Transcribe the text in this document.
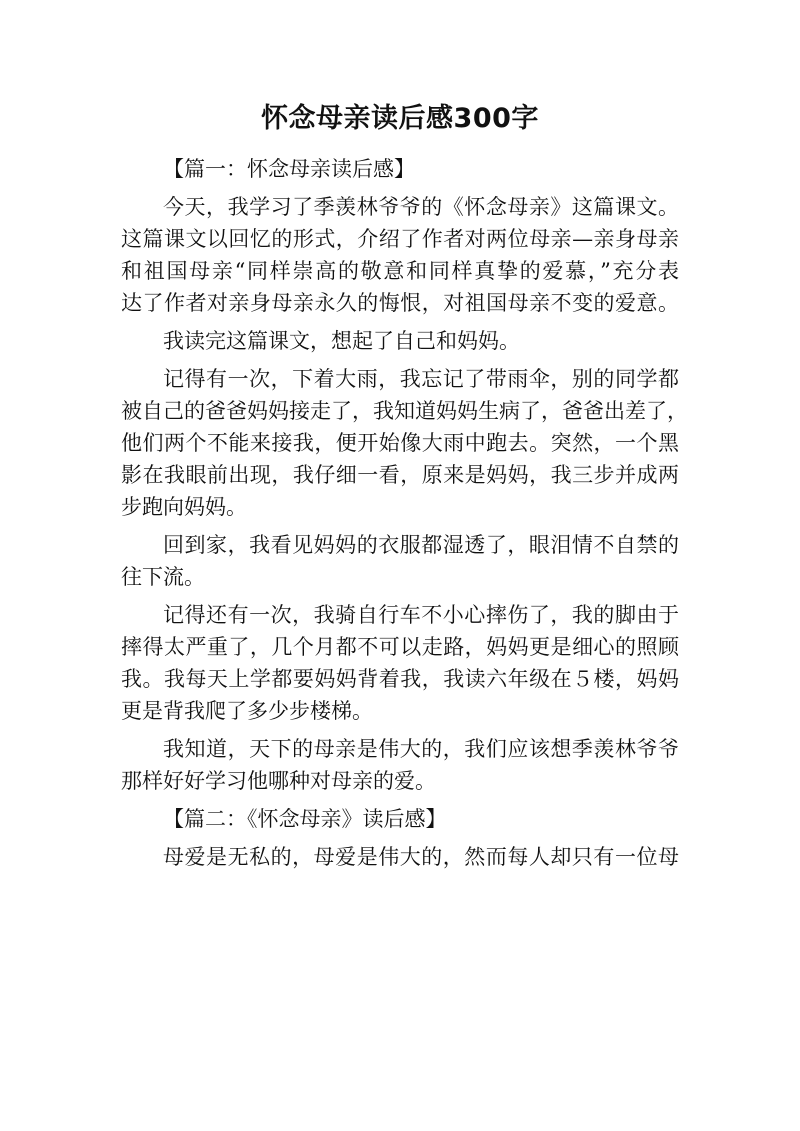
怀念母亲读后感300字

【篇一：怀念母亲读后感】

今天，我学习了季羡林爷爷的《怀念母亲》这篇课文。

这篇课文以回忆的形式，介绍了作者对两位母亲—亲身母亲

和祖国母亲“同样崇高的敬意和同样真挚的爱慕，”充分表

达了作者对亲身母亲永久的悔恨，对祖国母亲不变的爱意。

我读完这篇课文，想起了自己和妈妈。

记得有一次，下着大雨，我忘记了带雨伞，别的同学都

被自己的爸爸妈妈接走了，我知道妈妈生病了，爸爸出差了，

他们两个不能来接我，便开始像大雨中跑去。突然，一个黑

影在我眼前出现，我仔细一看，原来是妈妈，我三步并成两

步跑向妈妈。

回到家，我看见妈妈的衣服都湿透了，眼泪情不自禁的

往下流。

记得还有一次，我骑自行车不小心摔伤了，我的脚由于

摔得太严重了，几个月都不可以走路，妈妈更是细心的照顾

我。我每天上学都要妈妈背着我，我读六年级在５楼，妈妈

更是背我爬了多少步楼梯。

我知道，天下的母亲是伟大的，我们应该想季羡林爷爷

那样好好学习他哪种对母亲的爱。

【篇二：《怀念母亲》读后感】

母爱是无私的，母爱是伟大的，然而每人却只有一位母
